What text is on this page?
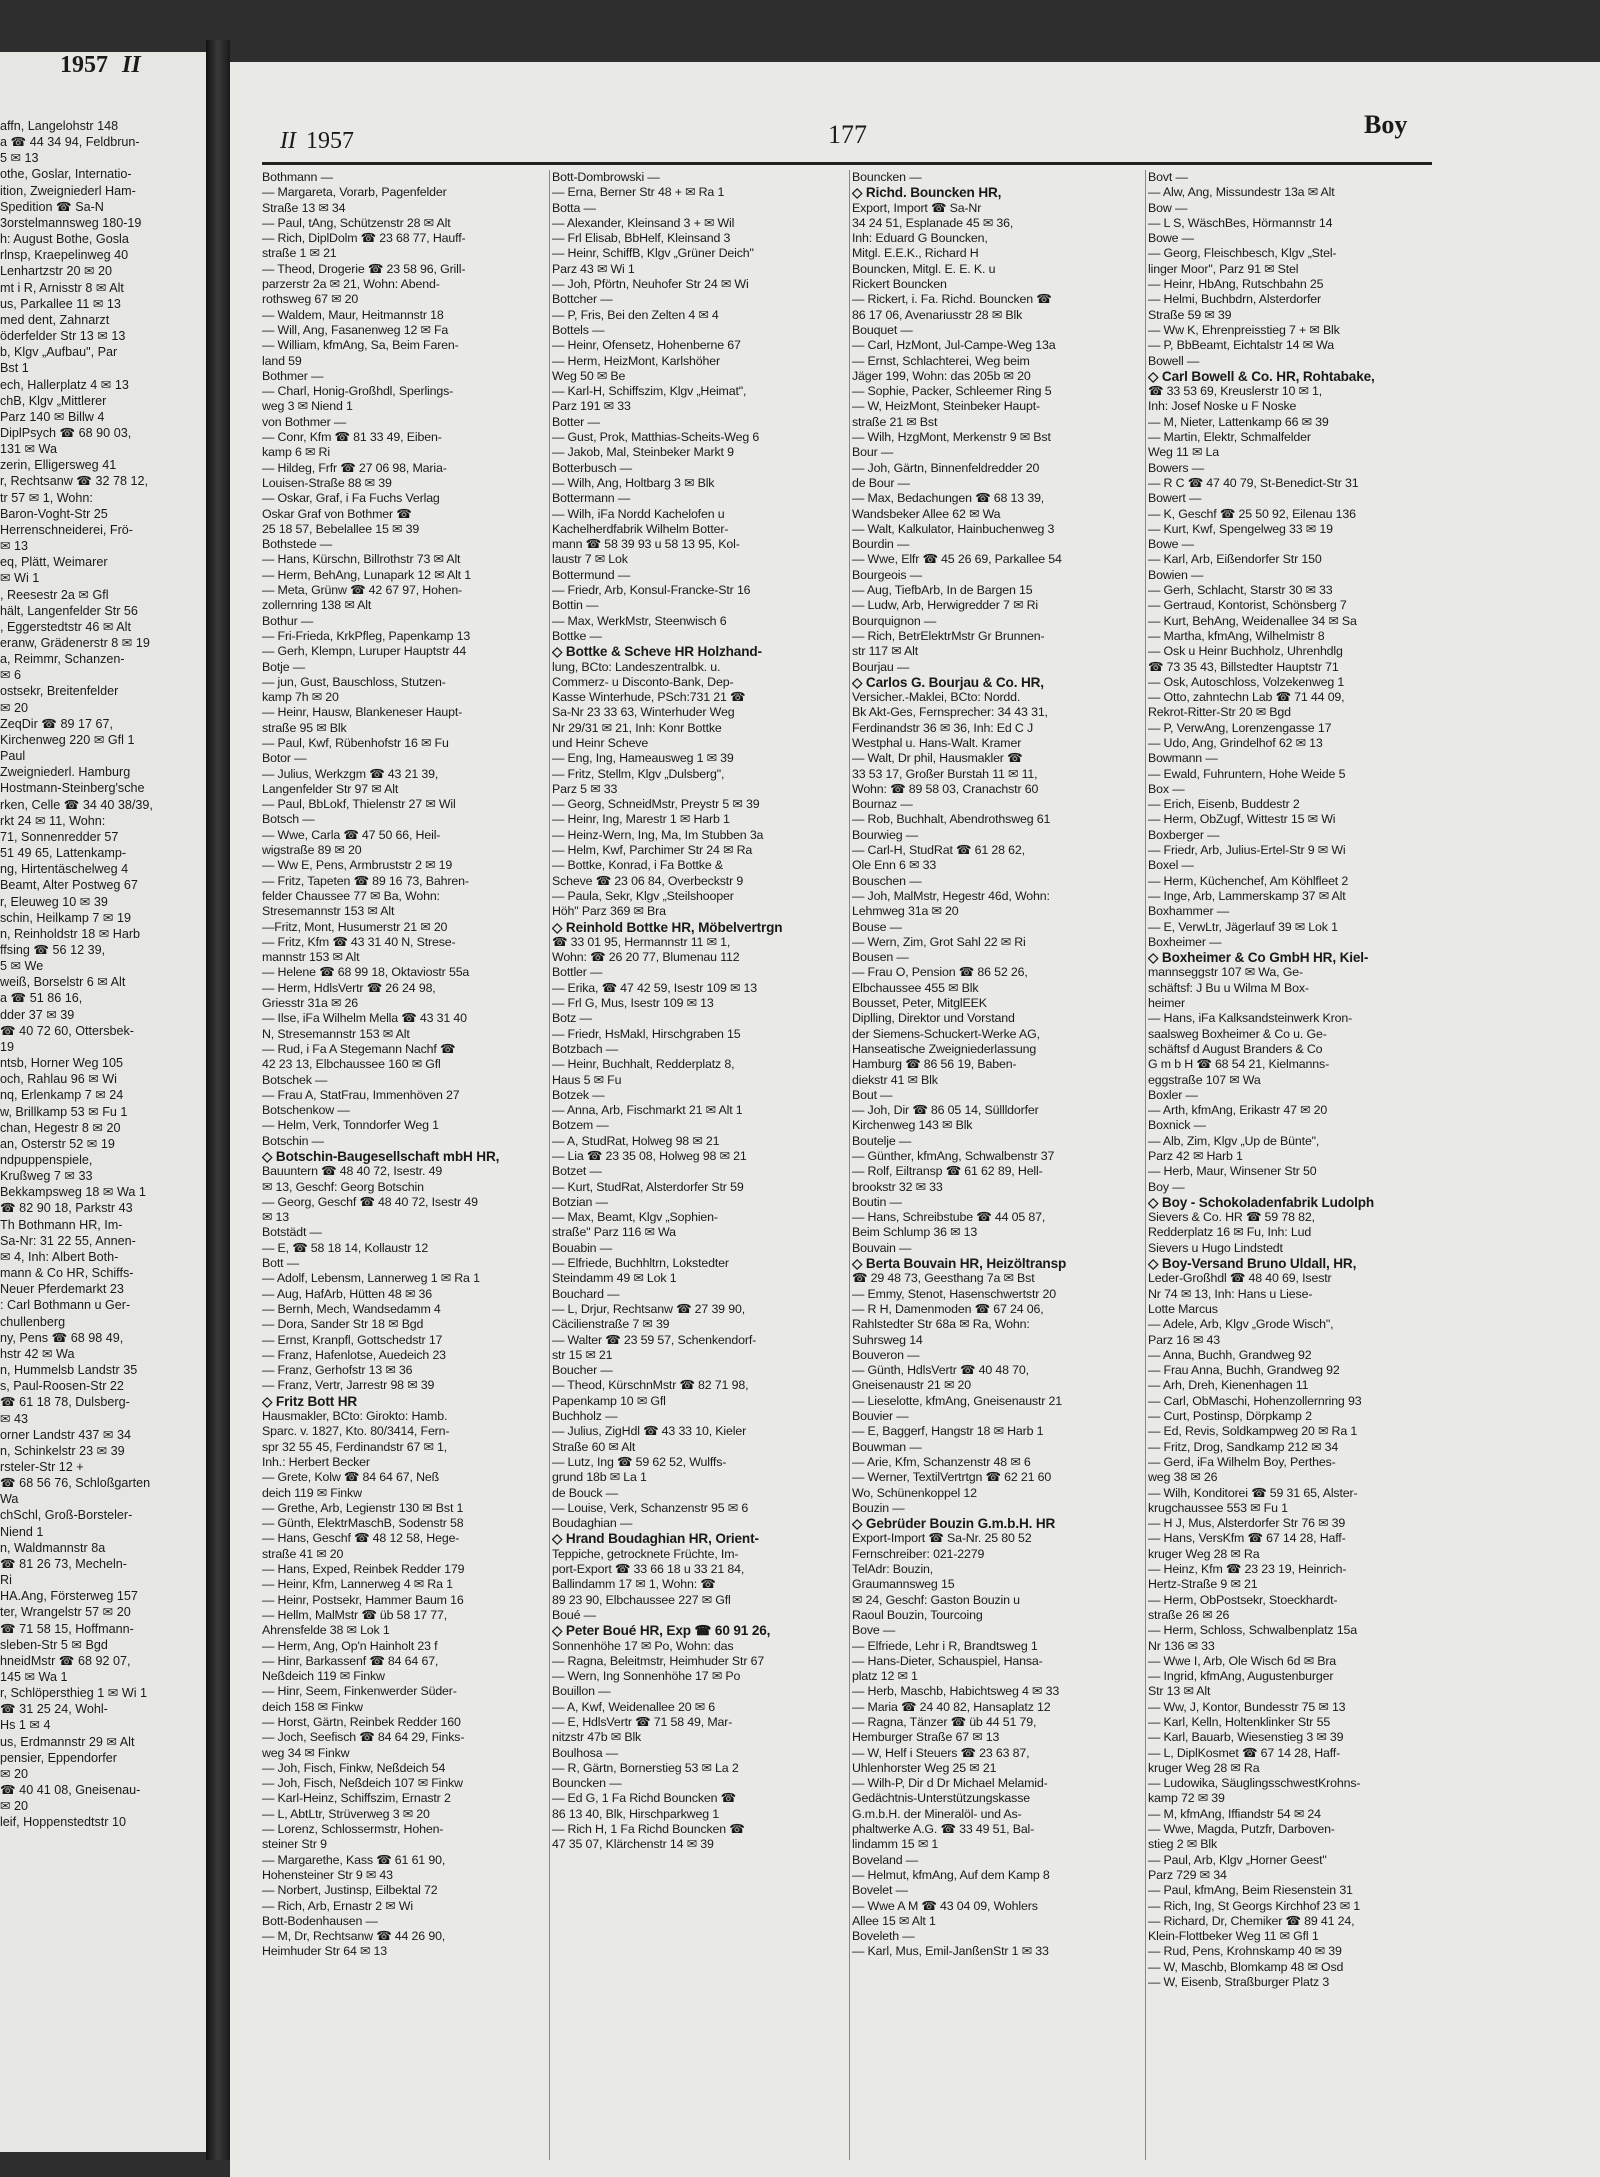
1957 II
affn, Langelohstr 148
a ☎ 44 34 94, Feldbrun-
5 ✉ 13
othe, Goslar, Internatio-
ition, Zweigniederl Ham-
Spedition ☎ Sa-N
3orstelmannsweg 180-19
h: August Bothe, Gosla
rlnsp, Kraepelinweg 40
Lenhartzstr 20 ✉ 20
mt i R, Arnisstr 8 ✉ Alt
us, Parkallee 11 ✉ 13
med dent, Zahnarzt
öderfelder Str 13 ✉ 13
b, Klgv „Aufbau", Par
Bst 1
ech, Hallerplatz 4 ✉ 13
chB, Klgv „Mittlerer
Parz 140 ✉ Billw 4
DiplPsych ☎ 68 90 03,
131 ✉ Wa
zerin, Elligersweg 41
r, Rechtsanw ☎ 32 78 12,
tr 57 ✉ 1, Wohn:
Baron-Voght-Str 25
Herrenschneiderei, Frö-
✉ 13
eq, Plätt, Weimarer
✉ Wi 1
, Reesestr 2a ✉ Gfl
hält, Langenfelder Str 56
, Eggerstedtstr 46 ✉ Alt
eranw, Grädenerstr 8 ✉ 19
a, Reimmr, Schanzen-
✉ 6
ostsekr, Breitenfelder
✉ 20
ZeqDir ☎ 89 17 67,
Kirchenweg 220 ✉ Gfl 1
Paul
Zweigniederl. Hamburg
Hostmann-Steinberg'sche
rken, Celle ☎ 34 40 38/39,
rkt 24 ✉ 11, Wohn:
71, Sonnenredder 57
51 49 65, Lattenkamp-
ng, Hirtentäschelweg 4
Beamt, Alter Postweg 67
r, Eleuweg 10 ✉ 39
schin, Heilkamp 7 ✉ 19
n, Reinholdstr 18 ✉ Harb
ffsing ☎ 56 12 39,
5 ✉ We
weiß, Borselstr 6 ✉ Alt
a ☎ 51 86 16,
dder 37 ✉ 39
☎ 40 72 60, Ottersbek-
19
ntsb, Horner Weg 105
och, Rahlau 96 ✉ Wi
nq, Erlenkamp 7 ✉ 24
w, Brillkamp 53 ✉ Fu 1
chan, Hegestr 8 ✉ 20
an, Osterstr 52 ✉ 19
ndpuppenspiele,
Krußweg 7 ✉ 33
Bekkampsweg 18 ✉ Wa 1
☎ 82 90 18, Parkstr 43
Th Bothmann HR, Im-
Sa-Nr: 31 22 55, Annen-
✉ 4, Inh: Albert Both-
mann & Co HR, Schiffs-
Neuer Pferdemarkt 23
: Carl Bothmann u Ger-
chullenberg
ny, Pens ☎ 68 98 49,
hstr 42 ✉ Wa
n, Hummelsb Landstr 35
s, Paul-Roosen-Str 22
☎ 61 18 78, Dulsberg-
✉ 43
orner Landstr 437 ✉ 34
n, Schinkelstr 23 ✉ 39
rsteler-Str 12 +
☎ 68 56 76, Schloßgarten
Wa
chSchl, Groß-Borsteler-
Niend 1
n, Waldmannstr 8a
☎ 81 26 73, Mecheln-
Ri
HA.Ang, Försterweg 157
ter, Wrangelstr 57 ✉ 20
☎ 71 58 15, Hoffmann-
sleben-Str 5 ✉ Bgd
hneidMstr ☎ 68 92 07,
145 ✉ Wa 1
r, Schlöpersthieg 1 ✉ Wi 1
☎ 31 25 24, Wohl-
Hs 1 ✉ 4
us, Erdmannstr 29 ✉ Alt
pensier, Eppendorfer
✉ 20
☎ 40 41 08, Gneisenau-
✉ 20
leif, Hoppenstedtstr 10
II 1957	177	Boy
Bothmann —
— Margareta, Vorarb, Pagenfelder
Straße 13 ✉ 34
— Paul, tAng, Schützenstr 28 ✉ Alt
— Rich, DiplDolm ☎ 23 68 77, Hauff-
straße 1 ✉ 21
— Theod, Drogerie ☎ 23 58 96, Grill-
parzerstr 2a ✉ 21, Wohn: Abend-
rothsweg 67 ✉ 20
— Waldem, Maur, Heitmannstr 18
— Will, Ang, Fasanenweg 12 ✉ Fa
— William, kfmAng, Sa, Beim Faren-
land 59
Bothmer —
— Charl, Honig-Großhdl, Sperlings-
weg 3 ✉ Niend 1
von Bothmer —
— Conr, Kfm ☎ 81 33 49, Eiben-
kamp 6 ✉ Ri
— Hildeg, Frfr ☎ 27 06 98, Maria-
Louisen-Straße 88 ✉ 39
— Oskar, Graf, i Fa Fuchs Verlag
Oskar Graf von Bothmer ☎
25 18 57, Bebelallee 15 ✉ 39
Bothstede —
— Hans, Kürschn, Billrothstr 73 ✉ Alt
— Herm, BehAng, Lunapark 12 ✉ Alt 1
— Meta, Grünw ☎ 42 67 97, Hohen-
zollernring 138 ✉ Alt
Bothur —
— Fri-Frieda, KrkPfleg, Papenkamp 13
— Gerh, Klempn, Luruper Hauptstr 44
Botje —
— jun, Gust, Bauschloss, Stutzen-
kamp 7h ✉ 20
— Heinr, Hausw, Blankeneser Haupt-
straße 95 ✉ Blk
— Paul, Kwf, Rübenhofstr 16 ✉ Fu
Botor —
— Julius, Werkzgm ☎ 43 21 39,
Langenfelder Str 97 ✉ Alt
— Paul, BbLokf, Thielenstr 27 ✉ Wil
Botsch —
— Wwe, Carla ☎ 47 50 66, Heil-
wigstraße 89 ✉ 20
— Ww E, Pens, Armbruststr 2 ✉ 19
— Fritz, Tapeten ☎ 89 16 73, Bahren-
felder Chaussee 77 ✉ Ba, Wohn:
Stresemannstr 153 ✉ Alt
—Fritz, Mont, Husumerstr 21 ✉ 20
— Fritz, Kfm ☎ 43 31 40 N, Strese-
mannstr 153 ✉ Alt
— Helene ☎ 68 99 18, Oktaviostr 55a
— Herm, HdlsVertr ☎ 26 24 98,
Griesstr 31a ✉ 26
— Ilse, iFa Wilhelm Mella ☎ 43 31 40
N, Stresemannstr 153 ✉ Alt
— Rud, i Fa A Stegemann Nachf ☎
42 23 13, Elbchaussee 160 ✉ Gfl
Botschek —
— Frau A, StatFrau, Immenhöven 27
Botschenkow —
— Helm, Verk, Tonndorfer Weg 1
Botschin —
◇ Botschin-Baugesellschaft mbH HR,
Bauuntern ☎ 48 40 72, Isestr. 49
✉ 13, Geschf: Georg Botschin
— Georg, Geschf ☎ 48 40 72, Isestr 49
✉ 13
Botstädt —
— E, ☎ 58 18 14, Kollaustr 12
Bott —
— Adolf, Lebensm, Lannerweg 1 ✉ Ra 1
— Aug, HafArb, Hütten 48 ✉ 36
— Bernh, Mech, Wandsedamm 4
— Dora, Sander Str 18 ✉ Bgd
— Ernst, Kranpfl, Gottschedstr 17
— Franz, Hafenlotse, Auedeich 23
— Franz, Gerhofstr 13 ✉ 36
— Franz, Vertr, Jarrestr 98 ✉ 39
◇ Fritz Bott HR
Hausmakler, BCto: Girokto: Hamb.
Sparc. v. 1827, Kto. 80/3414, Fern-
spr 32 55 45, Ferdinandstr 67 ✉ 1,
Inh.: Herbert Becker
— Grete, Kolw ☎ 84 64 67, Neß
deich 119 ✉ Finkw
— Grethe, Arb, Legienstr 130 ✉ Bst 1
— Günth, ElektrMaschB, Sodenstr 58
— Hans, Geschf ☎ 48 12 58, Hege-
straße 41 ✉ 20
— Hans, Exped, Reinbek Redder 179
— Heinr, Kfm, Lannerweg 4 ✉ Ra 1
— Heinr, Postsekr, Hammer Baum 16
— Hellm, MalMstr ☎ üb 58 17 77,
Ahrensfelde 38 ✉ Lok 1
— Herm, Ang, Op'n Hainholt 23 f
— Hinr, Barkassenf ☎ 84 64 67,
Neßdeich 119 ✉ Finkw
— Hinr, Seem, Finkenwerder Süder-
deich 158 ✉ Finkw
— Horst, Gärtn, Reinbek Redder 160
— Joch, Seefisch ☎ 84 64 29, Finks-
weg 34 ✉ Finkw
— Joh, Fisch, Finkw, Neßdeich 54
— Joh, Fisch, Neßdeich 107 ✉ Finkw
— Karl-Heinz, Schiffszim, Ernastr 2
— L, AbtLtr, Strüverweg 3 ✉ 20
— Lorenz, Schlossermstr, Hohen-
steiner Str 9
— Margarethe, Kass ☎ 61 61 90,
Hohensteiner Str 9 ✉ 43
— Norbert, Justinsp, Eilbektal 72
— Rich, Arb, Ernastr 2 ✉ Wi
Bott-Bodenhausen —
— M, Dr, Rechtsanw ☎ 44 26 90,
Heimhuder Str 64 ✉ 13
Bott-Dombrowski —
— Erna, Berner Str 48 + ✉ Ra 1
Botta —
— Alexander, Kleinsand 3 + ✉ Wil
— Frl Elisab, BbHelf, Kleinsand 3
— Heinr, SchiffB, Klgv „Grüner Deich"
Parz 43 ✉ Wi 1
— Joh, Pförtn, Neuhofer Str 24 ✉ Wi
Bottcher —
— P, Fris, Bei den Zelten 4 ✉ 4
Bottels —
— Heinr, Ofensetz, Hohenberne 67
— Herm, HeizMont, Karlshöher
Weg 50 ✉ Be
— Karl-H, Schiffszim, Klgv „Heimat",
Parz 191 ✉ 33
Botter —
— Gust, Prok, Matthias-Scheits-Weg 6
— Jakob, Mal, Steinbeker Markt 9
Botterbusch —
— Wilh, Ang, Holtbarg 3 ✉ Blk
Bottermann —
— Wilh, iFa Nordd Kachelofen u
Kachelherdfabrik Wilhelm Botter-
mann ☎ 58 39 93 u 58 13 95, Kol-
laustr 7 ✉ Lok
Bottermund —
— Friedr, Arb, Konsul-Francke-Str 16
Bottin —
— Max, WerkMstr, Steenwisch 6
Bottke —
◇ Bottke & Scheve HR Holzhand-
lung, BCto: Landeszentralbk. u.
Commerz- u Disconto-Bank, Dep-
Kasse Winterhude, PSch:731 21 ☎
Sa-Nr 23 33 63, Winterhuder Weg
Nr 29/31 ✉ 21, Inh: Konr Bottke
und Heinr Scheve
— Eng, Ing, Hameausweg 1 ✉ 39
— Fritz, Stellm, Klgv „Dulsberg",
Parz 5 ✉ 33
— Georg, SchneidMstr, Preystr 5 ✉ 39
— Heinr, Ing, Marestr 1 ✉ Harb 1
— Heinz-Wern, Ing, Ma, Im Stubben 3a
— Helm, Kwf, Parchimer Str 24 ✉ Ra
— Bottke, Konrad, i Fa Bottke &
Scheve ☎ 23 06 84, Overbeckstr 9
— Paula, Sekr, Klgv „Steilshooper
Höh" Parz 369 ✉ Bra
◇ Reinhold Bottke HR, Möbelvertrgn
☎ 33 01 95, Hermannstr 11 ✉ 1,
Wohn: ☎ 26 20 77, Blumenau 112
Bottler —
— Erika, ☎ 47 42 59, Isestr 109 ✉ 13
— Frl G, Mus, Isestr 109 ✉ 13
Botz —
— Friedr, HsMakl, Hirschgraben 15
Botzbach —
— Heinr, Buchhalt, Redderplatz 8,
Haus 5 ✉ Fu
Botzek —
— Anna, Arb, Fischmarkt 21 ✉ Alt 1
Botzem —
— A, StudRat, Holweg 98 ✉ 21
— Lia ☎ 23 35 08, Holweg 98 ✉ 21
Botzet —
— Kurt, StudRat, Alsterdorfer Str 59
Botzian —
— Max, Beamt, Klgv „Sophien-
straße" Parz 116 ✉ Wa
Bouabin —
— Elfriede, Buchhltrn, Lokstedter
Steindamm 49 ✉ Lok 1
Bouchard —
— L, Drjur, Rechtsanw ☎ 27 39 90,
Cäcilienstraße 7 ✉ 39
— Walter ☎ 23 59 57, Schenkendorf-
str 15 ✉ 21
Boucher —
— Theod, KürschnMstr ☎ 82 71 98,
Papenkamp 10 ✉ Gfl
Buchholz —
— Julius, ZigHdl ☎ 43 33 10, Kieler
Straße 60 ✉ Alt
— Lutz, Ing ☎ 59 62 52, Wulffs-
grund 18b ✉ La 1
de Bouck —
— Louise, Verk, Schanzenstr 95 ✉ 6
Boudaghian —
◇ Hrand Boudaghian HR, Orient-
Teppiche, getrocknete Früchte, Im-
port-Export ☎ 33 66 18 u 33 21 84,
Ballindamm 17 ✉ 1, Wohn: ☎
89 23 90, Elbchaussee 227 ✉ Gfl
Boué —
◇ Peter Boué HR, Exp ☎ 60 91 26,
Sonnenhöhe 17 ✉ Po, Wohn: das
— Ragna, Beleitmstr, Heimhuder Str 67
— Wern, Ing Sonnenhöhe 17 ✉ Po
Bouillon —
— A, Kwf, Weidenallee 20 ✉ 6
— E, HdlsVertr ☎ 71 58 49, Mar-
nitzstr 47b ✉ Blk
Boulhosa —
— R, Gärtn, Bornerstieg 53 ✉ La 2
Bouncken —
— Ed G, 1 Fa Richd Bouncken ☎
86 13 40, Blk, Hirschparkweg 1
— Rich H, 1 Fa Richd Bouncken ☎
47 35 07, Klärchenstr 14 ✉ 39
Bouncken —
◇ Richd. Bouncken HR,
Export, Import ☎ Sa-Nr
34 24 51, Esplanade 45 ✉ 36,
Inh: Eduard G Bouncken,
Mitgl. E.E.K., Richard H
Bouncken, Mitgl. E. E. K. u
Rickert Bouncken
— Rickert, i. Fa. Richd. Bouncken ☎
86 17 06, Avenariusstr 28 ✉ Blk
Bouquet —
— Carl, HzMont, Jul-Campe-Weg 13a
— Ernst, Schlachterei, Weg beim
Jäger 199, Wohn: das 205b ✉ 20
— Sophie, Packer, Schleemer Ring 5
— W, HeizMont, Steinbeker Haupt-
straße 21 ✉ Bst
— Wilh, HzgMont, Merkenstr 9 ✉ Bst
Bour —
— Joh, Gärtn, Binnenfeldredder 20
de Bour —
— Max, Bedachungen ☎ 68 13 39,
Wandsbeker Allee 62 ✉ Wa
— Walt, Kalkulator, Hainbuchenweg 3
Bourdin —
— Wwe, Elfr ☎ 45 26 69, Parkallee 54
Bourgeois —
— Aug, TiefbArb, In de Bargen 15
— Ludw, Arb, Herwigredder 7 ✉ Ri
Bourquignon —
— Rich, BetrElektrMstr Gr Brunnen-
str 117 ✉ Alt
Bourjau —
◇ Carlos G. Bourjau & Co. HR,
Versicher.-Maklei, BCto: Nordd.
Bk Akt-Ges, Fernsprecher: 34 43 31,
Ferdinandstr 36 ✉ 36, Inh: Ed C J
Westphal u. Hans-Walt. Kramer
— Walt, Dr phil, Hausmakler ☎
33 53 17, Großer Burstah 11 ✉ 11,
Wohn: ☎ 89 58 03, Cranachstr 60
Bournaz —
— Rob, Buchhalt, Abendrothsweg 61
Bourwieg —
— Carl-H, StudRat ☎ 61 28 62,
Ole Enn 6 ✉ 33
Bouschen —
— Joh, MalMstr, Hegestr 46d, Wohn:
Lehmweg 31a ✉ 20
Bouse —
— Wern, Zim, Grot Sahl 22 ✉ Ri
Bousen —
— Frau O, Pension ☎ 86 52 26,
Elbchaussee 455 ✉ Blk
Bousset, Peter, MitglEEK
Diplling, Direktor und Vorstand
der Siemens-Schuckert-Werke AG,
Hanseatische Zweigniederlassung
Hamburg ☎ 86 56 19, Baben-
diekstr 41 ✉ Blk
Bout —
— Joh, Dir ☎ 86 05 14, Süllldorfer
Kirchenweg 143 ✉ Blk
Boutelje —
— Günther, kfmAng, Schwalbenstr 37
— Rolf, Eiltransp ☎ 61 62 89, Hell-
brookstr 32 ✉ 33
Boutin —
— Hans, Schreibstube ☎ 44 05 87,
Beim Schlump 36 ✉ 13
Bouvain —
◇ Berta Bouvain HR, Heizöltransp
☎ 29 48 73, Geesthang 7a ✉ Bst
— Emmy, Stenot, Hasenschwertstr 20
— R H, Damenmoden ☎ 67 24 06,
Rahlstedter Str 68a ✉ Ra, Wohn:
Suhrsweg 14
Bouveron —
— Günth, HdlsVertr ☎ 40 48 70,
Gneisenaustr 21 ✉ 20
— Lieselotte, kfmAng, Gneisenaustr 21
Bouvier —
— E, Baggerf, Hangstr 18 ✉ Harb 1
Bouwman —
— Arie, Kfm, Schanzenstr 48 ✉ 6
— Werner, TextilVertrtgn ☎ 62 21 60
Wo, Schünenkoppel 12
Bouzin —
◇ Gebrüder Bouzin G.m.b.H. HR
Export-Import ☎ Sa-Nr. 25 80 52
Fernschreiber: 021-2279
TelAdr: Bouzin,
Graumannsweg 15
✉ 24, Geschf: Gaston Bouzin u
Raoul Bouzin, Tourcoing
Bove —
— Elfriede, Lehr i R, Brandtsweg 1
— Hans-Dieter, Schauspiel, Hansa-
platz 12 ✉ 1
— Herb, Maschb, Habichtsweg 4 ✉ 33
— Maria ☎ 24 40 82, Hansaplatz 12
— Ragna, Tänzer ☎ üb 44 51 79,
Hemburger Straße 67 ✉ 13
— W, Helf i Steuers ☎ 23 63 87,
Uhlenhorster Weg 25 ✉ 21
— Wilh-P, Dir d Dr Michael Melamid-
Gedächtnis-Unterstützungskasse
G.m.b.H. der Mineralöl- und As-
phaltwerke A.G. ☎ 33 49 51, Bal-
lindamm 15 ✉ 1
Boveland —
— Helmut, kfmAng, Auf dem Kamp 8
Bovelet —
— Wwe A M ☎ 43 04 09, Wohlers
Allee 15 ✉ Alt 1
Boveleth —
— Karl, Mus, Emil-JanßenStr 1 ✉ 33
Bovt —
— Alw, Ang, Missundestr 13a ✉ Alt
Bow —
— L S, WäschBes, Hörmannstr 14
Bowe —
— Georg, Fleischbesch, Klgv „Stel-
linger Moor", Parz 91 ✉ Stel
— Heinr, HbAng, Rutschbahn 25
— Helmi, Buchbdrn, Alsterdorfer
Straße 59 ✉ 39
— Ww K, Ehrenpreisstieg 7 + ✉ Blk
— P, BbBeamt, Eichtalstr 14 ✉ Wa
Bowell —
◇ Carl Bowell & Co. HR, Rohtabake,
☎ 33 53 69, Kreuslerstr 10 ✉ 1,
Inh: Josef Noske u F Noske
— M, Nieter, Lattenkamp 66 ✉ 39
— Martin, Elektr, Schmalfelder
Weg 11 ✉ La
Bowers —
— R C ☎ 47 40 79, St-Benedict-Str 31
Bowert —
— K, Geschf ☎ 25 50 92, Eilenau 136
— Kurt, Kwf, Spengelweg 33 ✉ 19
Bowe —
— Karl, Arb, Eißendorfer Str 150
Bowien —
— Gerh, Schlacht, Starstr 30 ✉ 33
— Gertraud, Kontorist, Schönsberg 7
— Kurt, BehAng, Weidenallee 34 ✉ Sa
— Martha, kfmAng, Wilhelmistr 8
— Osk u Heinr Buchholz, Uhrenhdlg
☎ 73 35 43, Billstedter Hauptstr 71
— Osk, Autoschloss, Volzekenweg 1
— Otto, zahntechn Lab ☎ 71 44 09,
Rekrot-Ritter-Str 20 ✉ Bgd
— P, VerwAng, Lorenzengasse 17
— Udo, Ang, Grindelhof 62 ✉ 13
Bowmann —
— Ewald, Fuhruntern, Hohe Weide 5
Box —
— Erich, Eisenb, Buddestr 2
— Herm, ObZugf, Wittestr 15 ✉ Wi
Boxberger —
— Friedr, Arb, Julius-Ertel-Str 9 ✉ Wi
Boxel —
— Herm, Küchenchef, Am Köhlfleet 2
— Inge, Arb, Lammerskamp 37 ✉ Alt
Boxhammer —
— E, VerwLtr, Jägerlauf 39 ✉ Lok 1
Boxheimer —
◇ Boxheimer & Co GmbH HR, Kiel-
mannseggstr 107 ✉ Wa, Ge-
schäftsf: J Bu u Wilma M Box-
heimer
— Hans, iFa Kalksandsteinwerk Kron-
saalsweg Boxheimer & Co u. Ge-
schäftsf d August Branders & Co
G m b H ☎ 68 54 21, Kielmanns-
eggstraße 107 ✉ Wa
Boxler —
— Arth, kfmAng, Erikastr 47 ✉ 20
Boxnick —
— Alb, Zim, Klgv „Up de Bünte",
Parz 42 ✉ Harb 1
— Herb, Maur, Winsener Str 50
Boy —
◇ Boy - Schokoladenfabrik Ludolph
Sievers & Co. HR ☎ 59 78 82,
Redderplatz 16 ✉ Fu, Inh: Lud
Sievers u Hugo Lindstedt
◇ Boy-Versand Bruno Uldall, HR,
Leder-Großhdl ☎ 48 40 69, Isestr
Nr 74 ✉ 13, Inh: Hans u Liese-
Lotte Marcus
— Adele, Arb, Klgv „Grode Wisch",
Parz 16 ✉ 43
— Anna, Buchh, Grandweg 92
— Frau Anna, Buchh, Grandweg 92
— Arh, Dreh, Kienenhagen 11
— Carl, ObMaschi, Hohenzollernring 93
— Curt, Postinsp, Dörpkamp 2
— Ed, Revis, Soldkampweg 20 ✉ Ra 1
— Fritz, Drog, Sandkamp 212 ✉ 34
— Gerd, iFa Wilhelm Boy, Perthes-
weg 38 ✉ 26
— Wilh, Konditorei ☎ 59 31 65, Alster-
krugchaussee 553 ✉ Fu 1
— H J, Mus, Alsterdorfer Str 76 ✉ 39
— Hans, VersKfm ☎ 67 14 28, Haff-
kruger Weg 28 ✉ Ra
— Heinz, Kfm ☎ 23 23 19, Heinrich-
Hertz-Straße 9 ✉ 21
— Herm, ObPostsekr, Stoeckhardt-
straße 26 ✉ 26
— Herm, Schloss, Schwalbenplatz 15a
Nr 136 ✉ 33
— Wwe I, Arb, Ole Wisch 6d ✉ Bra
— Ingrid, kfmAng, Augustenburger
Str 13 ✉ Alt
— Ww, J, Kontor, Bundesstr 75 ✉ 13
— Karl, Kelln, Holtenklinker Str 55
— Karl, Bauarb, Wiesenstieg 3 ✉ 39
— L, DiplKosmet ☎ 67 14 28, Haff-
kruger Weg 28 ✉ Ra
— Ludowika, SäuglingsschwestKrohns-
kamp 72 ✉ 39
— M, kfmAng, Iffiandstr 54 ✉ 24
— Wwe, Magda, Putzfr, Darboven-
stieg 2 ✉ Blk
— Paul, Arb, Klgv „Horner Geest"
Parz 729 ✉ 34
— Paul, kfmAng, Beim Riesenstein 31
— Rich, Ing, St Georgs Kirchhof 23 ✉ 1
— Richard, Dr, Chemiker ☎ 89 41 24,
Klein-Flottbeker Weg 11 ✉ Gfl 1
— Rud, Pens, Krohnskamp 40 ✉ 39
— W, Maschb, Blomkamp 48 ✉ Osd
— W, Eisenb, Straßburger Platz 3
